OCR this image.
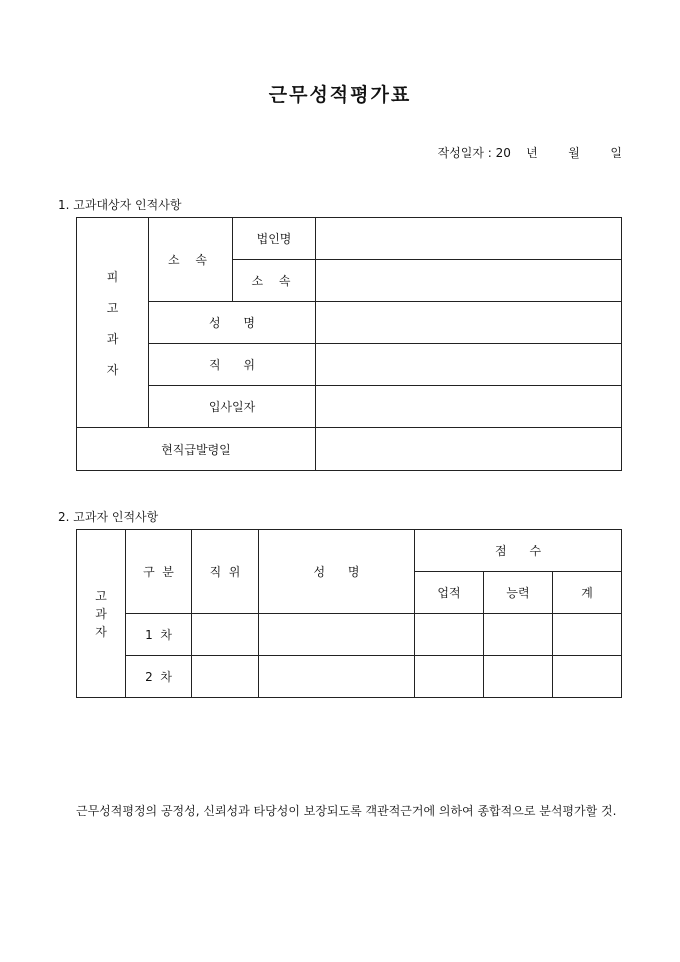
근무성적평가표
작성일자 : 20    년        월        일
1. 고과대상자 인적사항
피
고
과
자	소 속	법인명	
		소 속	
	성      명		
	직      위		
	입사일자		
현직급발령일			
2. 고과자 인적사항
고
과
자	구  분	직  위	성      명	점      수		
				업적	능력	계
	1  차					
	2  차					
근무성적평정의 공정성, 신뢰성과 타당성이 보장되도록 객관적근거에 의하여 종합적으로 분석평가할 것.
